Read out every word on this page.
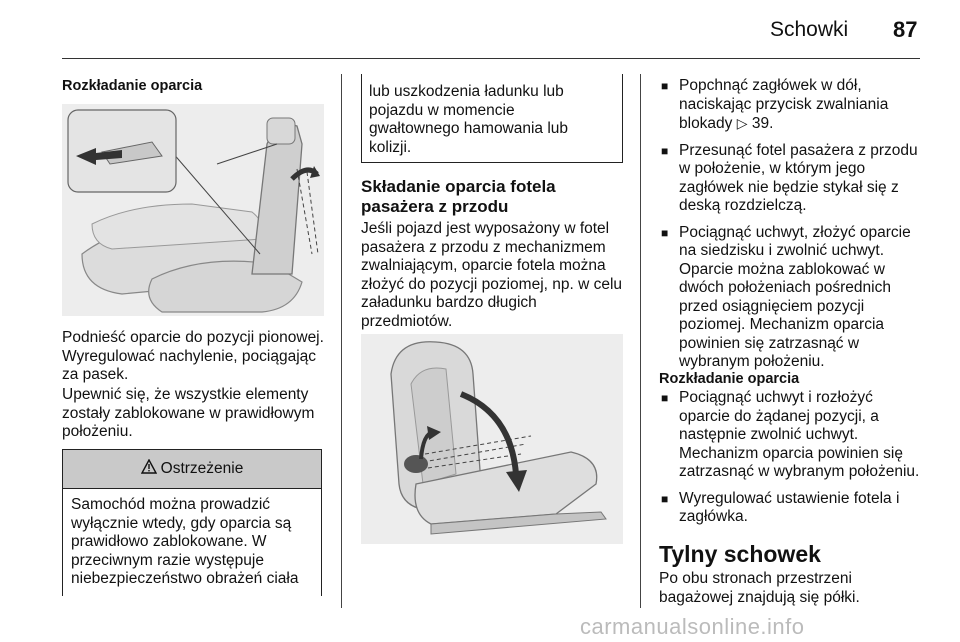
Schowki 87
Rozkładanie oparcia

Podnieść oparcie do pozycji pionowej. Wyregulować nachylenie, pociągając za pasek.

Upewnić się, że wszystkie elementy zostały zablokowane w prawidłowym położeniu.

Ostrzeżenie
Samochód można prowadzić wyłącznie wtedy, gdy oparcia są prawidłowo zablokowane. W przeciwnym razie występuje niebezpieczeństwo obrażeń ciała

lub uszkodzenia ładunku lub pojazdu w momencie gwałtownego hamowania lub kolizji.

Składanie oparcia fotela pasażera z przodu

Jeśli pojazd jest wyposażony w fotel pasażera z przodu z mechanizmem zwalniającym, oparcie fotela można złożyć do pozycji poziomej, np. w celu załadunku bardzo długich przedmiotów.

■ Popchnąć zagłówek w dół, naciskając przycisk zwalniania blokady ▷ 39.
■ Przesunąć fotel pasażera z przodu w położenie, w którym jego zagłówek nie będzie stykał się z deską rozdzielczą.
■ Pociągnąć uchwyt, złożyć oparcie na siedzisku i zwolnić uchwyt. Oparcie można zablokować w dwóch położeniach pośrednich przed osiągnięciem pozycji poziomej. Mechanizm oparcia powinien się zatrzasnąć w wybranym położeniu.
Rozkładanie oparcia
■ Pociągnąć uchwyt i rozłożyć oparcie do żądanej pozycji, a następnie zwolnić uchwyt. Mechanizm oparcia powinien się zatrzasnąć w wybranym położeniu.
■ Wyregulować ustawienie fotela i zagłówka.
Tylny schowek

Po obu stronach przestrzeni bagażowej znajdują się półki.

carmanualsonline.info
